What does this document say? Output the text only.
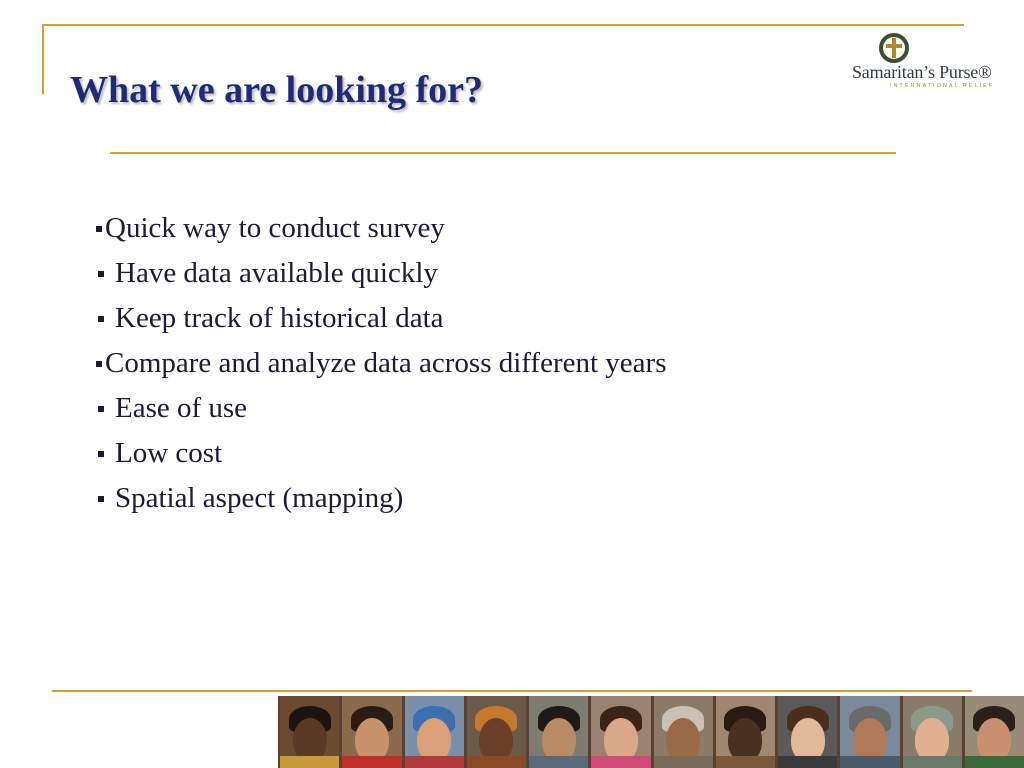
What we are looking for?	Samaritan’s Purse®
INTERNATIONAL RELIEF
Quick way to conduct survey
Have data available quickly
Keep track of historical data
Compare and analyze data across different years
Ease of use
Low cost
Spatial aspect (mapping)
